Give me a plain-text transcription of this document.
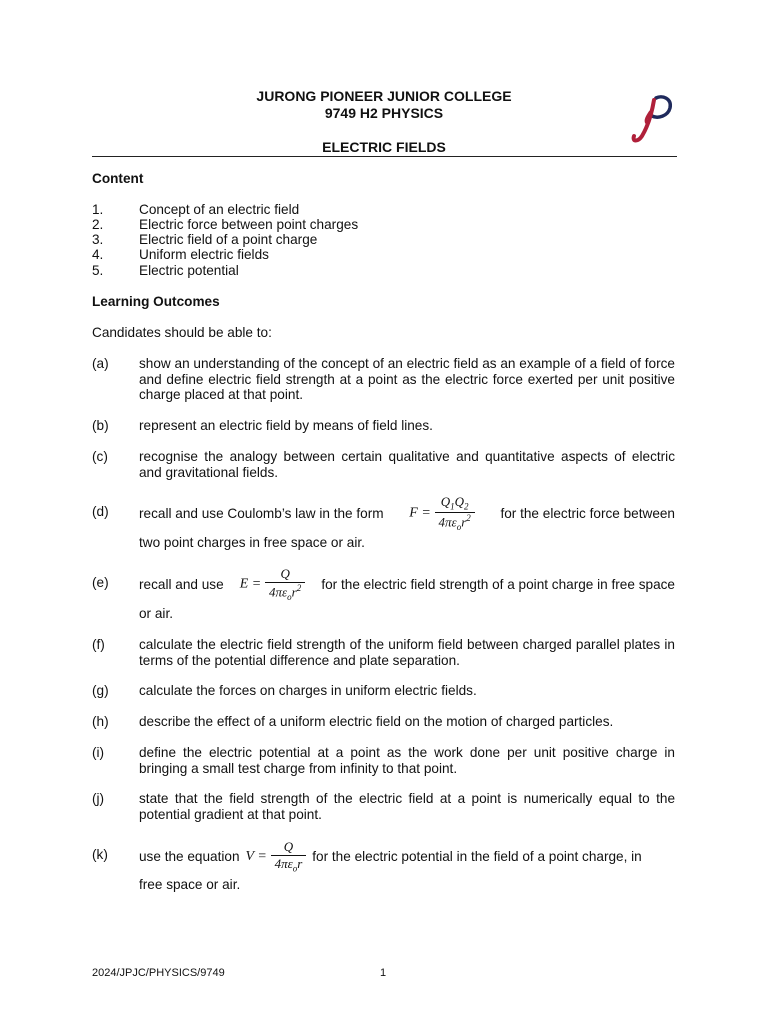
JURONG PIONEER JUNIOR COLLEGE
9749 H2 PHYSICS
ELECTRIC FIELDS
Content
1.	Concept of an electric field
2.	Electric force between point charges
3.	Electric field of a point charge
4.	Uniform electric fields
5.	Electric potential
Learning Outcomes
Candidates should be able to:
(a) show an understanding of the concept of an electric field as an example of a field of force and define electric field strength at a point as the electric force exerted per unit positive charge placed at that point.
(b) represent an electric field by means of field lines.
(c) recognise the analogy between certain qualitative and quantitative aspects of electric and gravitational fields.
(d) recall and use Coulomb’s law in the form $F = \frac{Q_1Q_2}{4\pi\varepsilon_or^2}$ for the electric force between
two point charges in free space or air.
(e) recall and use $E = \frac{Q}{4\pi\varepsilon_or^2}$ for the electric field strength of a point charge in free space
or air.
(f)	calculate the electric field strength of the uniform field between charged parallel plates in terms of the potential difference and plate separation.
(g) calculate the forces on charges in uniform electric fields.
(h) describe the effect of a uniform electric field on the motion of charged particles.
(i)	define the electric potential at a point as the work done per unit positive charge in bringing a small test charge from infinity to that point.
(j)	state that the field strength of the electric field at a point is numerically equal to the potential gradient at that point.
(k) use the equation $V = \frac{Q}{4\pi\varepsilon_or}$ for the electric potential in the field of a point charge, in
free space or air.
2024/JPJC/PHYSICS/9749	1
